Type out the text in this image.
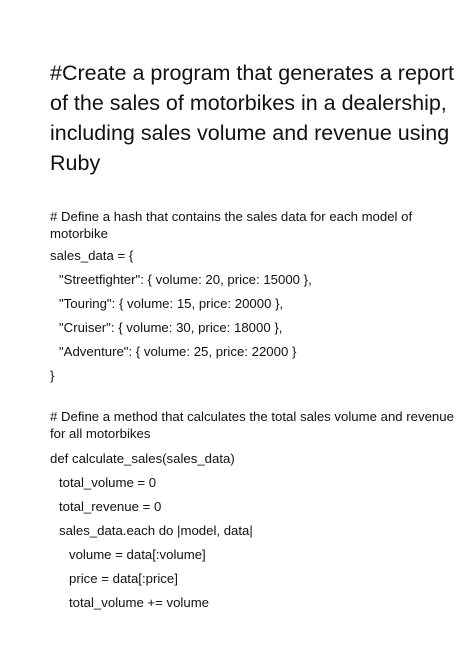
#Create a program that generates a report
of the sales of motorbikes in a dealership,
including sales volume and revenue using
Ruby
# Define a hash that contains the sales data for each model of
motorbike
sales_data = {
"Streetfighter": { volume: 20, price: 15000 },
"Touring": { volume: 15, price: 20000 },
"Cruiser": { volume: 30, price: 18000 },
"Adventure": { volume: 25, price: 22000 }
}
# Define a method that calculates the total sales volume and revenue
for all motorbikes
def calculate_sales(sales_data)
total_volume = 0
total_revenue = 0
sales_data.each do |model, data|
volume = data[:volume]
price = data[:price]
total_volume += volume
